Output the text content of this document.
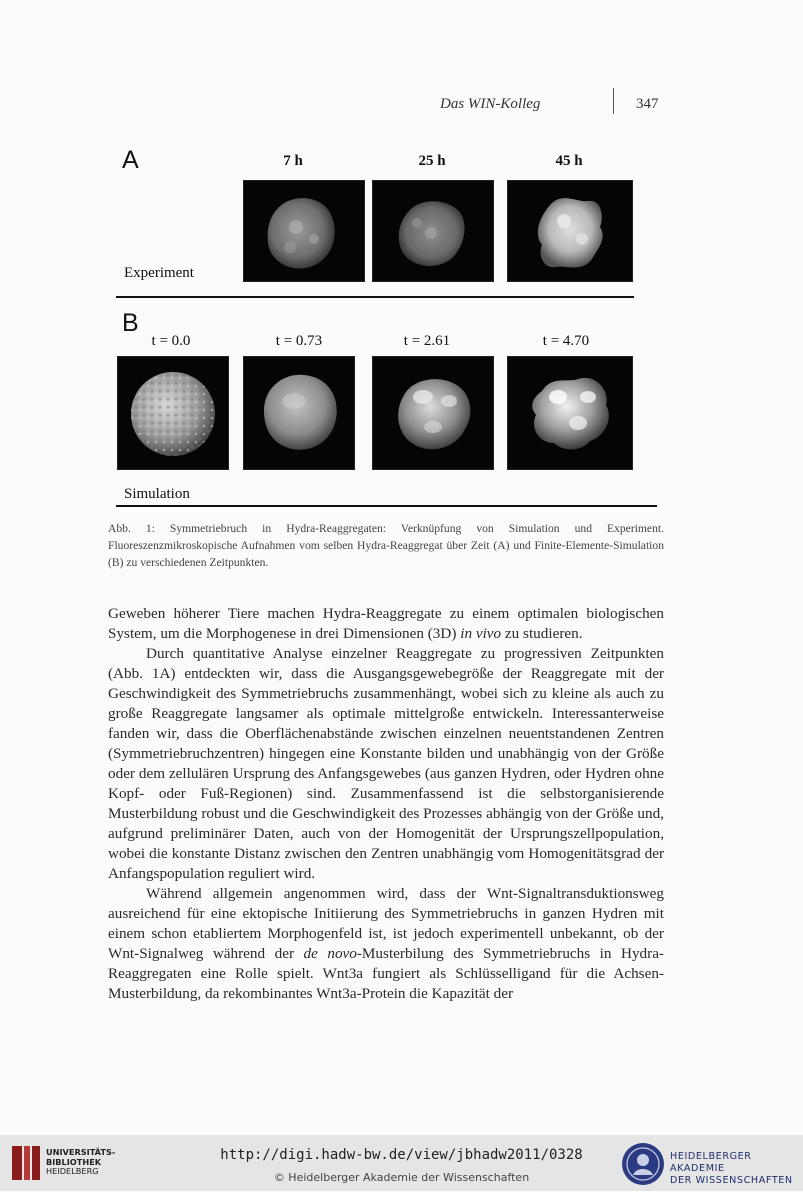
Das WIN-Kolleg	347
A	7 h	25 h	45 h
Experiment
B
t = 0.0	t = 0.73	t = 2.61	t = 4.70
Simulation
Abb. 1: Symmetriebruch in Hydra-Reaggregaten: Verknüpfung von Simulation und Experiment. Fluoreszenzmikroskopische Aufnahmen vom selben Hydra-Reaggregat über Zeit (A) und Finite-Elemente-Simulation (B) zu verschiedenen Zeitpunkten.

Geweben höherer Tiere machen Hydra-Reaggregate zu einem optimalen biologischen System, um die Morphogenese in drei Dimensionen (3D) in vivo zu studieren.

Durch quantitative Analyse einzelner Reaggregate zu progressiven Zeitpunkten (Abb. 1A) entdeckten wir, dass die Ausgangsgewebegröße der Reaggregate mit der Geschwindigkeit des Symmetriebruchs zusammenhängt, wobei sich zu kleine als auch zu große Reaggregate langsamer als optimale mittelgroße entwickeln. Interessanterweise fanden wir, dass die Oberflächenabstände zwischen einzelnen neuentstandenen Zentren (Symmetriebruchzentren) hingegen eine Konstante bilden und unabhängig von der Größe oder dem zellulären Ursprung des Anfangsgewebes (aus ganzen Hydren, oder Hydren ohne Kopf- oder Fuß-Regionen) sind. Zusammenfassend ist die selbstorganisierende Musterbildung robust und die Geschwindigkeit des Prozesses abhängig von der Größe und, aufgrund preliminärer Daten, auch von der Homogenität der Ursprungszellpopulation, wobei die konstante Distanz zwischen den Zentren unabhängig vom Homogenitätsgrad der Anfangspopulation reguliert wird.

Während allgemein angenommen wird, dass der Wnt-Signaltransduktionsweg ausreichend für eine ektopische Initiierung des Symmetriebruchs in ganzen Hydren mit einem schon etabliertem Morphogenfeld ist, ist jedoch experimentell unbekannt, ob der Wnt-Signalweg während der de novo-Musterbilung des Symmetriebruchs in Hydra-Reaggregaten eine Rolle spielt. Wnt3a fungiert als Schlüsselligand für die Achsen-Musterbildung, da rekombinantes Wnt3a-Protein die Kapazität der

UNIVERSITÄTS-
BIBLIOTHEK
HEIDELBERG
http://digi.hadw-bw.de/view/jbhadw2011/0328
© Heidelberger Akademie der Wissenschaften
HEIDELBERGER AKADEMIE
DER WISSENSCHAFTEN
